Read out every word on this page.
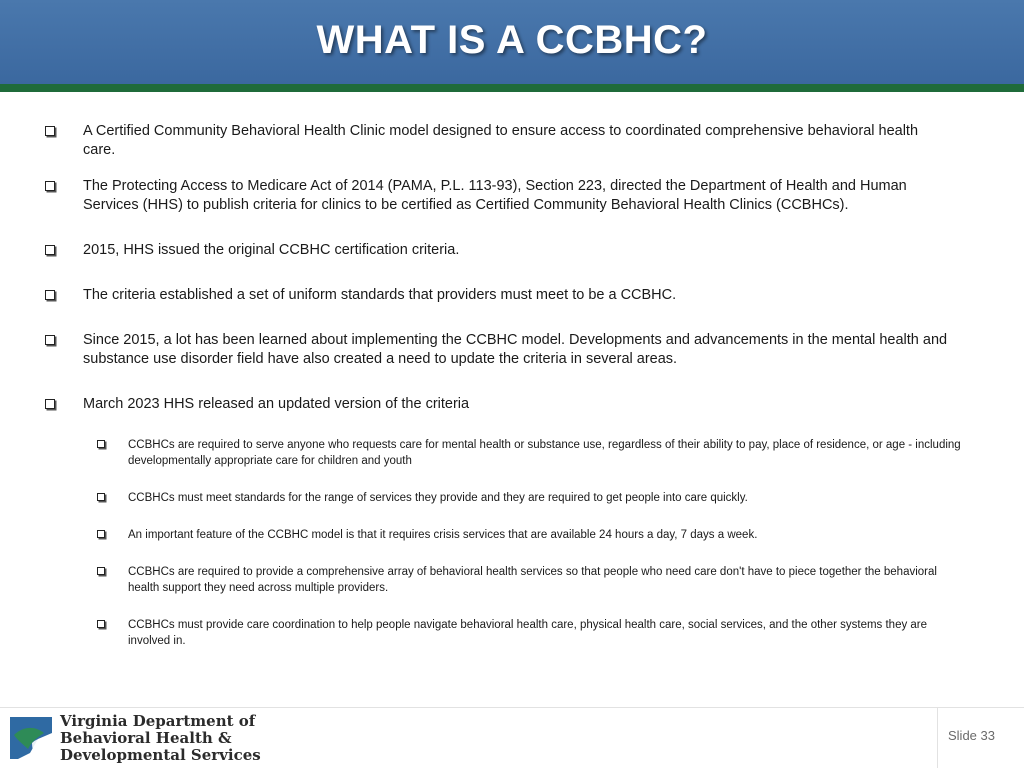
WHAT IS A CCBHC?
A Certified Community Behavioral Health Clinic model designed to ensure access to coordinated comprehensive behavioral health care.
The Protecting Access to Medicare Act of 2014 (PAMA, P.L. 113-93), Section 223, directed the Department of Health and Human Services (HHS) to publish criteria for clinics to be certified as Certified Community Behavioral Health Clinics (CCBHCs).
2015, HHS issued the original CCBHC certification criteria.
The criteria established a set of uniform standards that providers must meet to be a CCBHC.
Since 2015, a lot has been learned about implementing the CCBHC model. Developments and advancements in the mental health and substance use disorder field have also created a need to update the criteria in several areas.
March 2023 HHS released an updated version of the criteria
CCBHCs are required to serve anyone who requests care for mental health or substance use, regardless of their ability to pay, place of residence, or age - including developmentally appropriate care for children and youth
CCBHCs must meet standards for the range of services they provide and they are required to get people into care quickly.
An important feature of the CCBHC model is that it requires crisis services that are available 24 hours a day, 7 days a week.
CCBHCs are required to provide a comprehensive array of behavioral health services so that people who need care don't have to piece together the behavioral health support they need across multiple providers.
CCBHCs must provide care coordination to help people navigate behavioral health care, physical health care, social services, and the other systems they are involved in.
Virginia Department of
Behavioral Health &
Developmental Services
Slide 33
